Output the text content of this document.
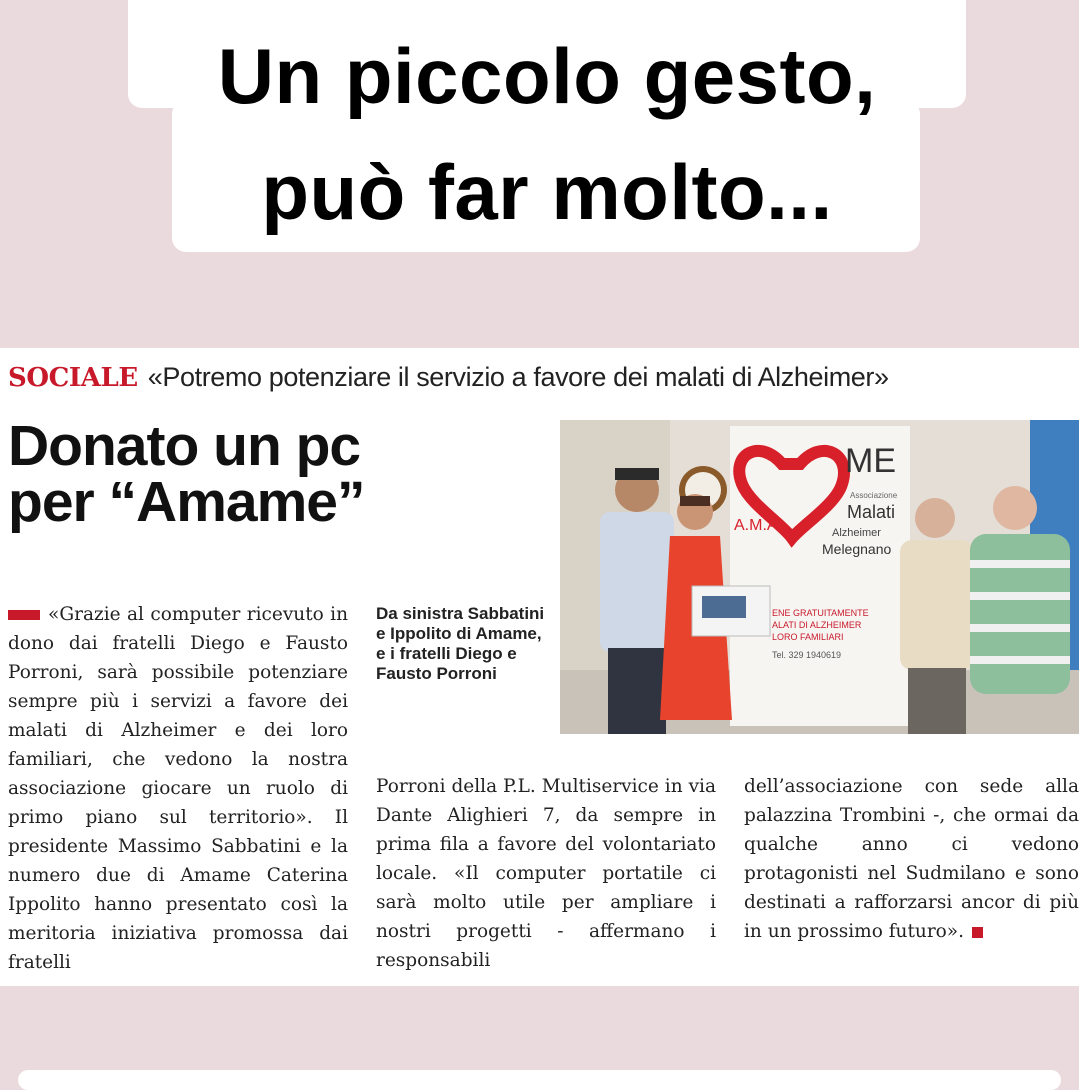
Un piccolo gesto,
può far molto...
SOCIALE «Potremo potenziare il servizio a favore dei malati di Alzheimer»
Donato un pc
per “Amame”
ME
A.M.A.
Associazione
Malati
Alzheimer
Melegnano
ENE GRATUITAMENTE
ALATI DI ALZHEIMER
LORO FAMILIARI
Tel. 329 1940619
Da sinistra Sabbatini e Ippolito di Amame, e i fratelli Diego e Fausto Porroni
«Grazie al computer ricevuto in dono dai fratelli Diego e Fausto Porroni, sarà possibile potenziare sempre più i servizi a favore dei malati di Alzheimer e dei loro familiari, che vedono la nostra associazione giocare un ruolo di primo piano sul territorio». Il presidente Massimo Sabbatini e la numero due di Amame Caterina Ippolito hanno presentato così la meritoria iniziativa promossa dai fratelli
Porroni della P.L. Multiservice in via Dante Alighieri 7, da sempre in prima fila a favore del volontariato locale. «Il computer portatile ci sarà molto utile per ampliare i nostri progetti - affermano i responsabili
dell’associazione con sede alla palazzina Trombini -, che ormai da qualche anno ci vedono protagonisti nel Sudmilano e sono destinati a rafforzarsi ancor di più in un prossimo futuro».
